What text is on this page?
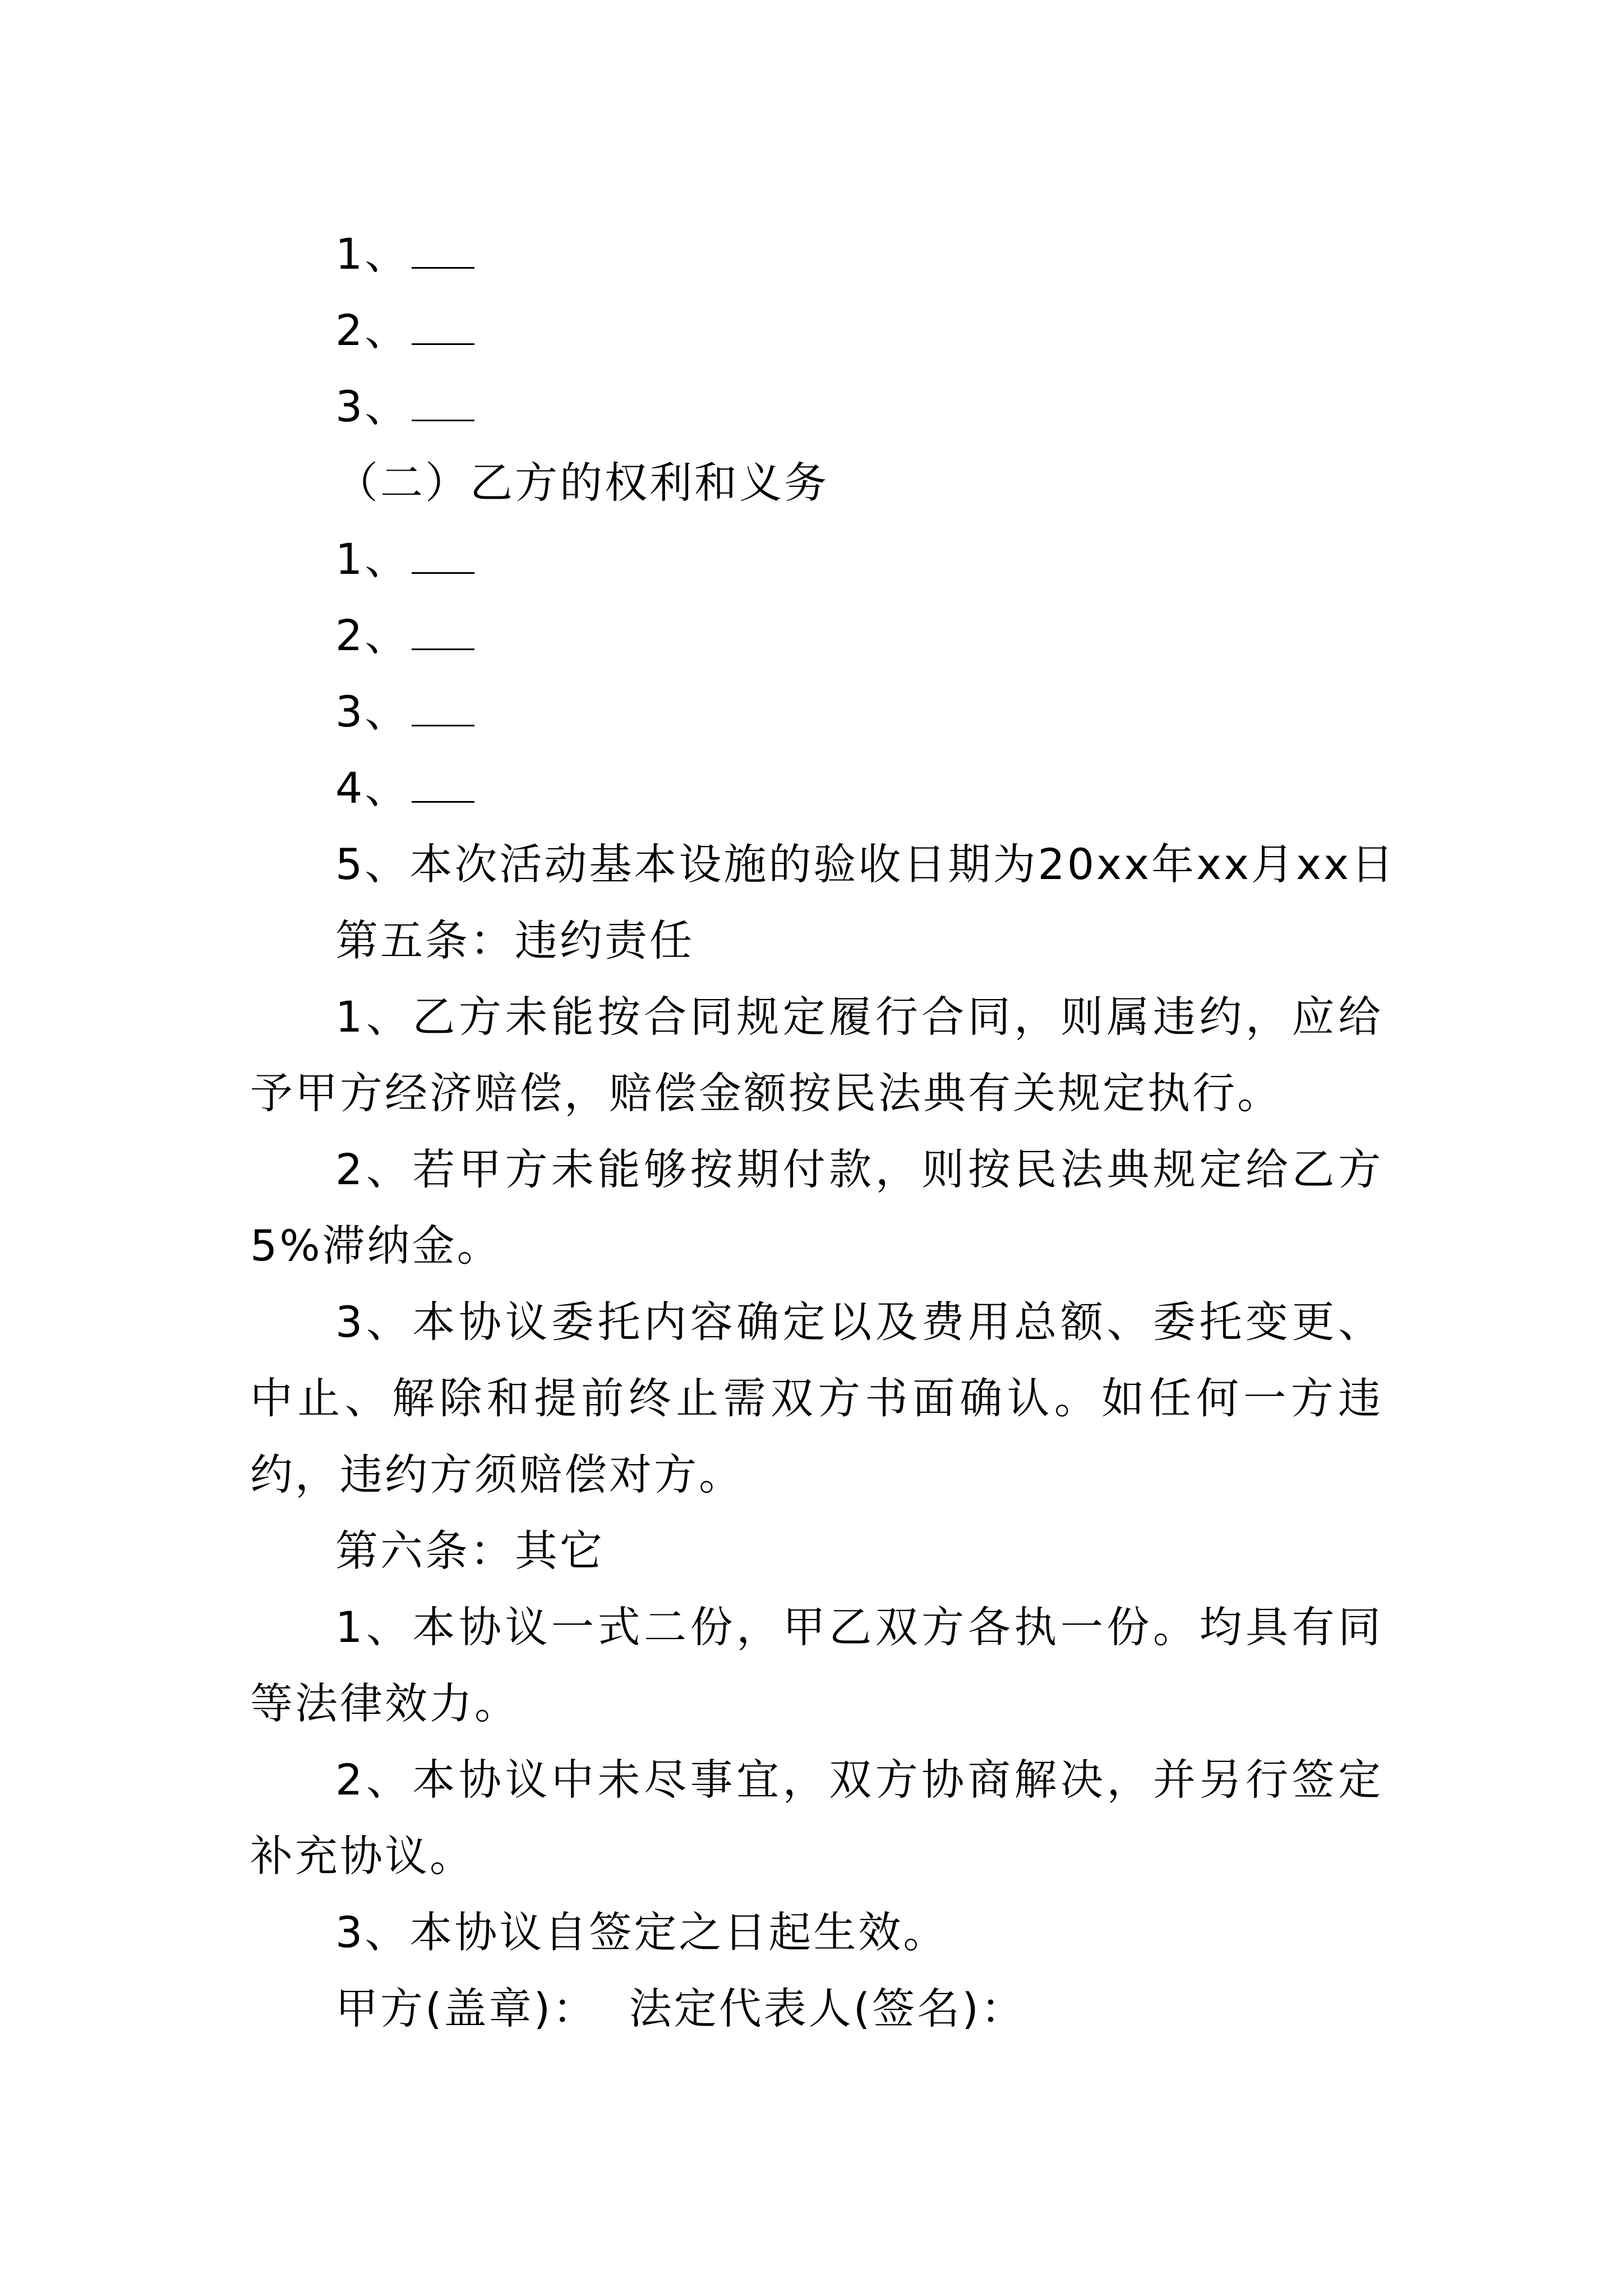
1、
2、
3、
（二）乙方的权利和义务
1、
2、
3、
4、
5、本次活动基本设施的验收日期为20xx年xx月xx日
第五条：违约责任

1、乙方未能按合同规定履行合同，则属违约，应给予甲方经济赔偿，赔偿金额按民法典有关规定执行。

2、若甲方未能够按期付款，则按民法典规定给乙方5%滞纳金。

3、本协议委托内容确定以及费用总额、委托变更、中止、解除和提前终止需双方书面确认。如任何一方违约，违约方须赔偿对方。

第六条：其它

1、本协议一式二份，甲乙双方各执一份。均具有同等法律效力。

2、本协议中未尽事宜，双方协商解决，并另行签定补充协议。

3、本协议自签定之日起生效。

甲方(盖章)：  法定代表人(签名)：
